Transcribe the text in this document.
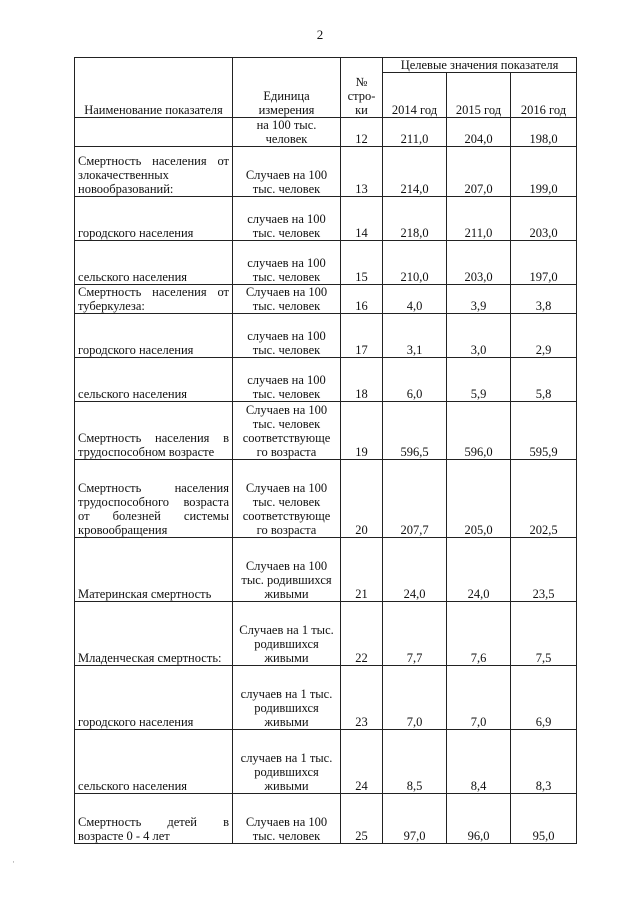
2
Наименование показателя	Единица измерения	№ стро-ки	Целевые значения показателя		
			2014 год	2015 год	2016 год
	на 100 тыс. человек	12	211,0	204,0	198,0
Смертность населения от злокачественных новообразований:	Случаев на 100 тыс. человек	13	214,0	207,0	199,0
городского населения	случаев на 100 тыс. человек	14	218,0	211,0	203,0
сельского населения	случаев на 100 тыс. человек	15	210,0	203,0	197,0
Смертность населения от туберкулеза:	Случаев на 100 тыс. человек	16	4,0	3,9	3,8
городского населения	случаев на 100 тыс. человек	17	3,1	3,0	2,9
сельского населения	случаев на 100 тыс. человек	18	6,0	5,9	5,8
Смертность населения в трудоспособном возрасте	Случаев на 100 тыс. человек соответствующе го возраста	19	596,5	596,0	595,9
Смертность населения трудоспособного возраста от болезней системы кровообращения	Случаев на 100 тыс. человек соответствующе го возраста	20	207,7	205,0	202,5
Материнская смертность	Случаев на 100 тыс. родившихся живыми	21	24,0	24,0	23,5
Младенческая смертность:	Случаев на 1 тыс. родившихся живыми	22	7,7	7,6	7,5
городского населения	случаев на 1 тыс. родившихся живыми	23	7,0	7,0	6,9
сельского населения	случаев на 1 тыс. родившихся живыми	24	8,5	8,4	8,3
Смертность детей в возрасте 0 - 4 лет	Случаев на 100 тыс. человек	25	97,0	96,0	95,0
·
